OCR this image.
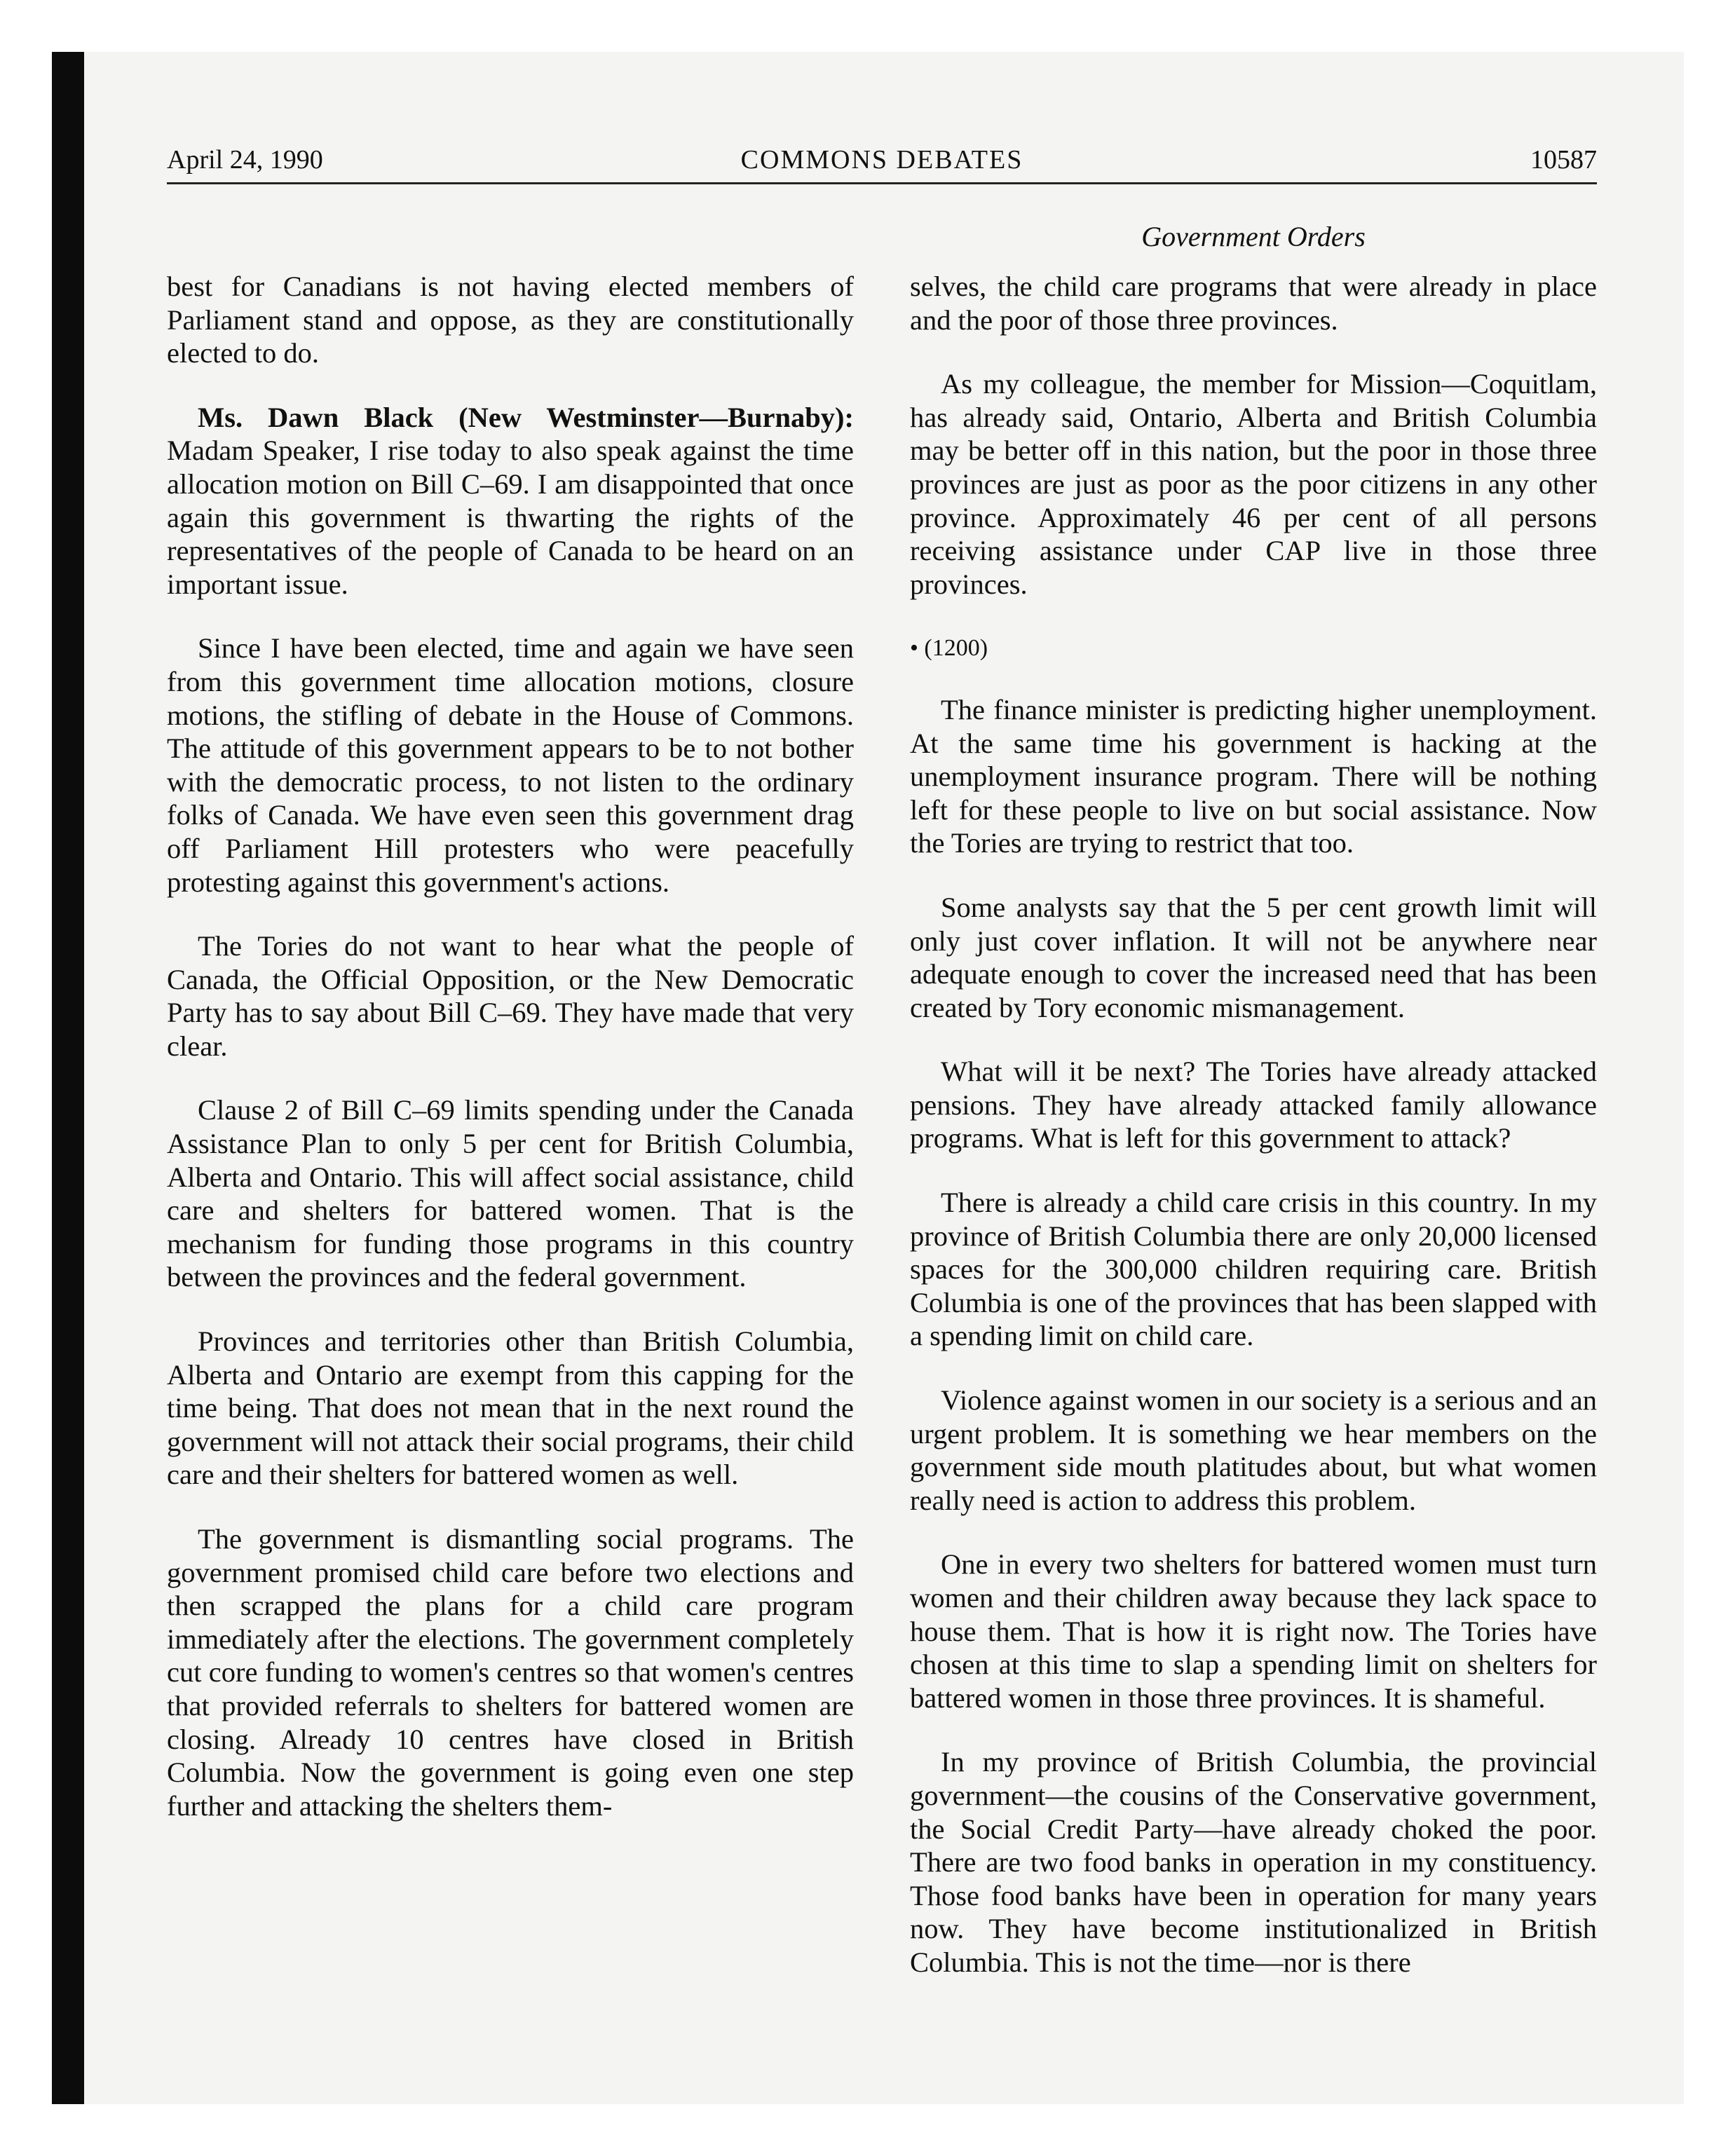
April 24, 1990	COMMONS DEBATES	10587
Government Orders

best for Canadians is not having elected members of Parliament stand and oppose, as they are constitutionally elected to do.

Ms. Dawn Black (New Westminster—Burnaby): Madam Speaker, I rise today to also speak against the time allocation motion on Bill C–69. I am disappointed that once again this government is thwarting the rights of the representatives of the people of Canada to be heard on an important issue.

Since I have been elected, time and again we have seen from this government time allocation motions, closure motions, the stifling of debate in the House of Commons. The attitude of this government appears to be to not bother with the democratic process, to not listen to the ordinary folks of Canada. We have even seen this government drag off Parliament Hill protesters who were peacefully protesting against this government's actions.

The Tories do not want to hear what the people of Canada, the Official Opposition, or the New Democratic Party has to say about Bill C–69. They have made that very clear.

Clause 2 of Bill C–69 limits spending under the Canada Assistance Plan to only 5 per cent for British Columbia, Alberta and Ontario. This will affect social assistance, child care and shelters for battered women. That is the mechanism for funding those programs in this country between the provinces and the federal government.

Provinces and territories other than British Columbia, Alberta and Ontario are exempt from this capping for the time being. That does not mean that in the next round the government will not attack their social programs, their child care and their shelters for battered women as well.

The government is dismantling social programs. The government promised child care before two elections and then scrapped the plans for a child care program immediately after the elections. The government completely cut core funding to women's centres so that women's centres that provided referrals to shelters for battered women are closing. Already 10 centres have closed in British Columbia. Now the government is going even one step further and attacking the shelters them-

selves, the child care programs that were already in place and the poor of those three provinces.

As my colleague, the member for Mission—Coquitlam, has already said, Ontario, Alberta and British Columbia may be better off in this nation, but the poor in those three provinces are just as poor as the poor citizens in any other province. Approximately 46 per cent of all persons receiving assistance under CAP live in those three provinces.

• (1200)

The finance minister is predicting higher unemployment. At the same time his government is hacking at the unemployment insurance program. There will be nothing left for these people to live on but social assistance. Now the Tories are trying to restrict that too.

Some analysts say that the 5 per cent growth limit will only just cover inflation. It will not be anywhere near adequate enough to cover the increased need that has been created by Tory economic mismanagement.

What will it be next? The Tories have already attacked pensions. They have already attacked family allowance programs. What is left for this government to attack?

There is already a child care crisis in this country. In my province of British Columbia there are only 20,000 licensed spaces for the 300,000 children requiring care. British Columbia is one of the provinces that has been slapped with a spending limit on child care.

Violence against women in our society is a serious and an urgent problem. It is something we hear members on the government side mouth platitudes about, but what women really need is action to address this problem.

One in every two shelters for battered women must turn women and their children away because they lack space to house them. That is how it is right now. The Tories have chosen at this time to slap a spending limit on shelters for battered women in those three provinces. It is shameful.

In my province of British Columbia, the provincial government—the cousins of the Conservative government, the Social Credit Party—have already choked the poor. There are two food banks in operation in my constituency. Those food banks have been in operation for many years now. They have become institutionalized in British Columbia. This is not the time—nor is there
